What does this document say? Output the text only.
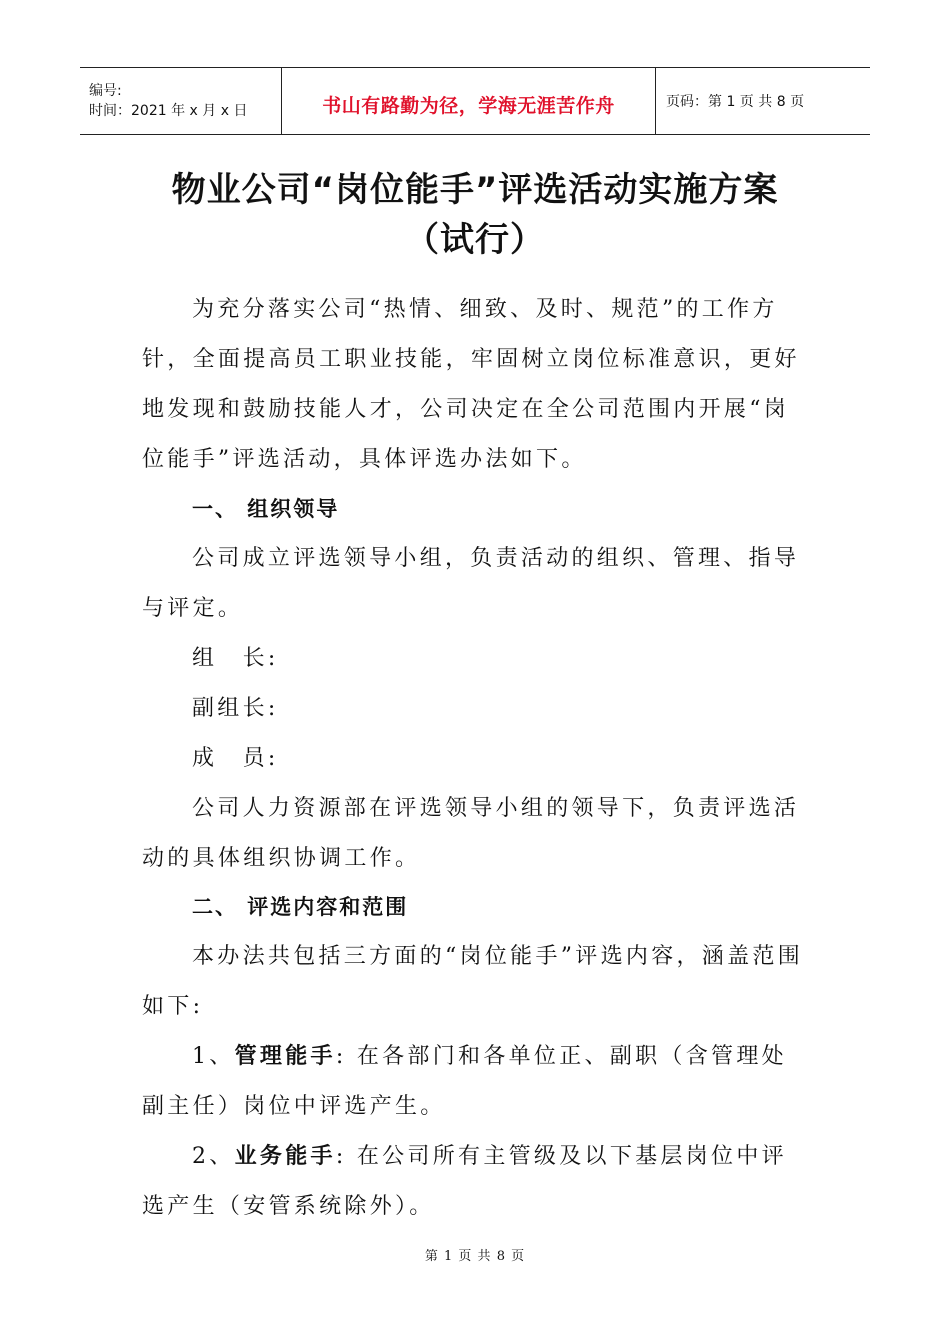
编号:
时间：2021 年 x 月 x 日	书山有路勤为径，学海无涯苦作舟	页码：第 1 页 共 8 页
物业公司“岗位能手”评选活动实施方案
（试行）

为充分落实公司“热情、细致、及时、规范”的工作方针，全面提高员工职业技能，牢固树立岗位标准意识，更好地发现和鼓励技能人才，公司决定在全公司范围内开展“岗位能手”评选活动，具体评选办法如下。

一、 组织领导

公司成立评选领导小组，负责活动的组织、管理、指导与评定。

组　长:

副组长:

成　员:

公司人力资源部在评选领导小组的领导下，负责评选活动的具体组织协调工作。

二、 评选内容和范围

本办法共包括三方面的“岗位能手”评选内容，涵盖范围如下:

1、管理能手: 在各部门和各单位正、副职（含管理处副主任）岗位中评选产生。

2、业务能手: 在公司所有主管级及以下基层岗位中评选产生（安管系统除外）。

第 1 页 共 8 页
